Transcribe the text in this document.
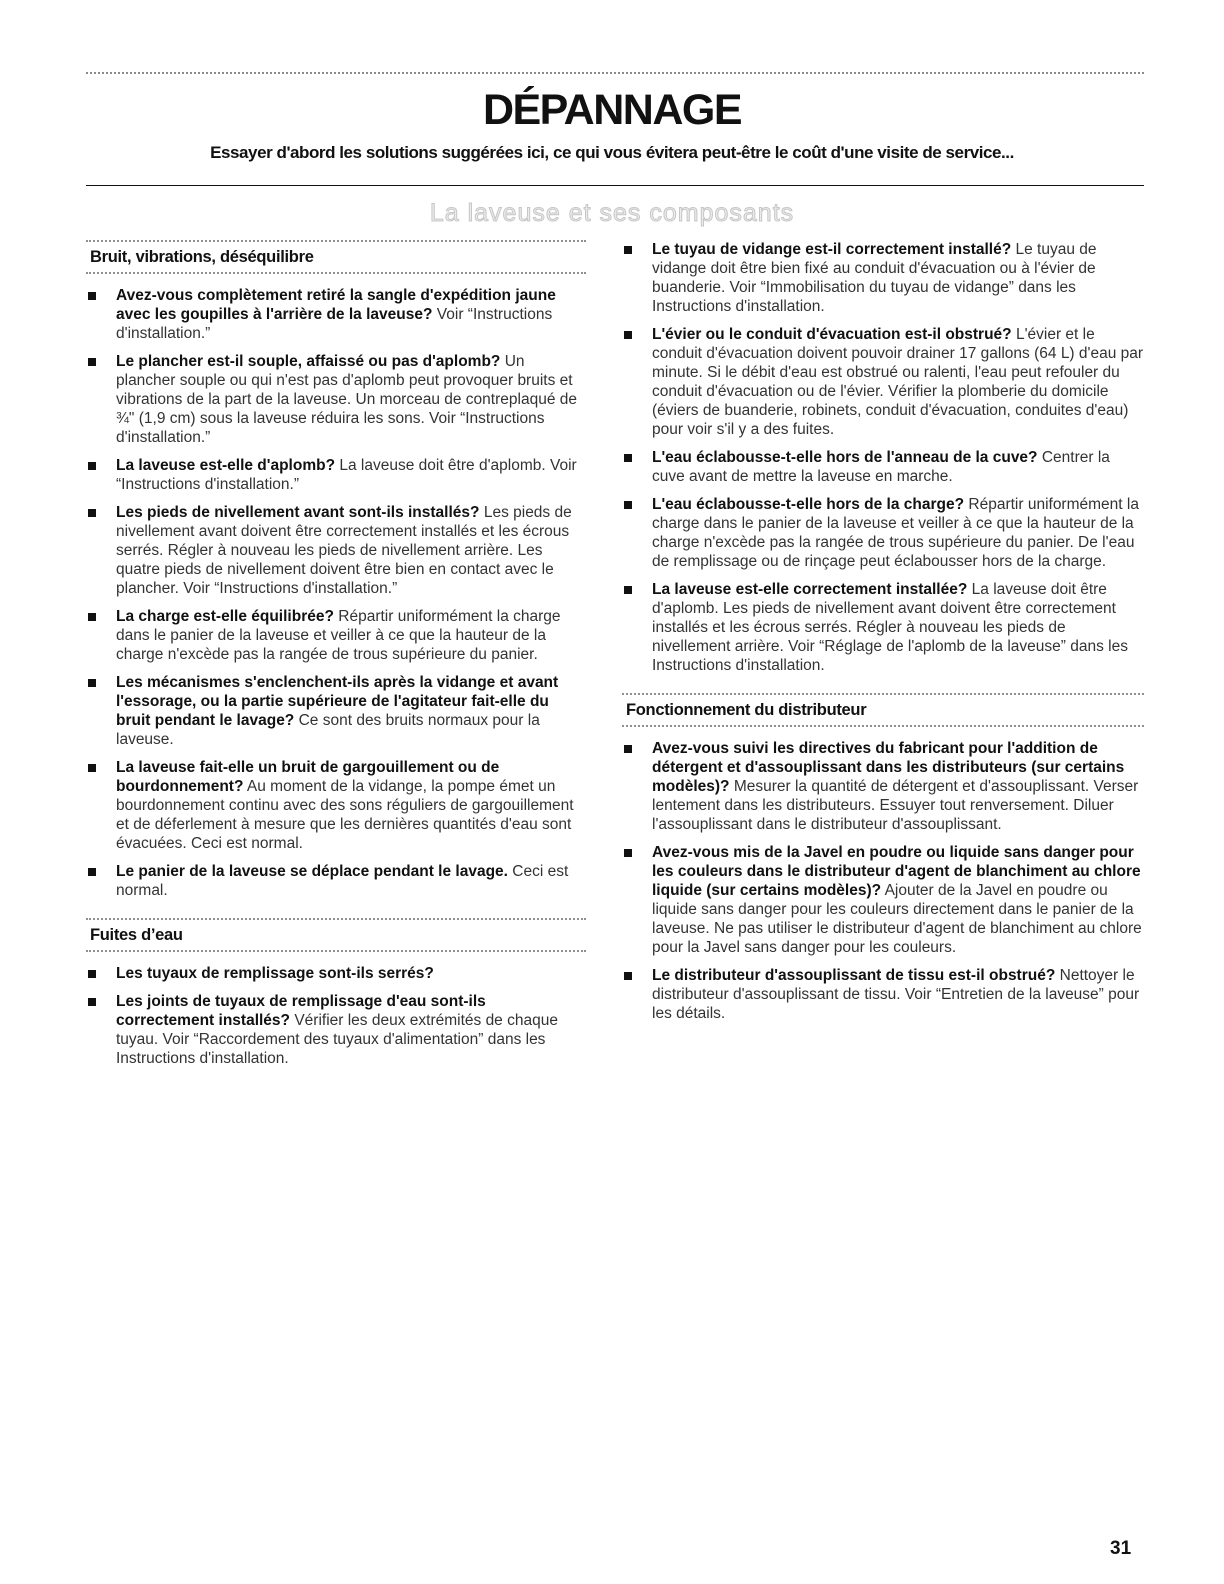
DÉPANNAGE
Essayer d'abord les solutions suggérées ici, ce qui vous évitera peut-être le coût d'une visite de service...
La laveuse et ses composants
Bruit, vibrations, déséquilibre
Avez-vous complètement retiré la sangle d'expédition jaune avec les goupilles à l'arrière de la laveuse? Voir “Instructions d'installation.”
Le plancher est-il souple, affaissé ou pas d'aplomb? Un plancher souple ou qui n'est pas d'aplomb peut provoquer bruits et vibrations de la part de la laveuse. Un morceau de contreplaqué de ¾" (1,9 cm) sous la laveuse réduira les sons. Voir “Instructions d'installation.”
La laveuse est-elle d'aplomb? La laveuse doit être d'aplomb. Voir “Instructions d'installation.”
Les pieds de nivellement avant sont-ils installés? Les pieds de nivellement avant doivent être correctement installés et les écrous serrés. Régler à nouveau les pieds de nivellement arrière. Les quatre pieds de nivellement doivent être bien en contact avec le plancher. Voir “Instructions d'installation.”
La charge est-elle équilibrée? Répartir uniformément la charge dans le panier de la laveuse et veiller à ce que la hauteur de la charge n'excède pas la rangée de trous supérieure du panier.
Les mécanismes s'enclenchent-ils après la vidange et avant l'essorage, ou la partie supérieure de l'agitateur fait-elle du bruit pendant le lavage? Ce sont des bruits normaux pour la laveuse.
La laveuse fait-elle un bruit de gargouillement ou de bourdonnement? Au moment de la vidange, la pompe émet un bourdonnement continu avec des sons réguliers de gargouillement et de déferlement à mesure que les dernières quantités d'eau sont évacuées. Ceci est normal.
Le panier de la laveuse se déplace pendant le lavage. Ceci est normal.
Fuites d’eau
Les tuyaux de remplissage sont-ils serrés?
Les joints de tuyaux de remplissage d'eau sont-ils correctement installés? Vérifier les deux extrémités de chaque tuyau. Voir “Raccordement des tuyaux d'alimentation” dans les Instructions d'installation.
Le tuyau de vidange est-il correctement installé? Le tuyau de vidange doit être bien fixé au conduit d'évacuation ou à l'évier de buanderie. Voir “Immobilisation du tuyau de vidange” dans les Instructions d'installation.
L'évier ou le conduit d'évacuation est-il obstrué? L'évier et le conduit d'évacuation doivent pouvoir drainer 17 gallons (64 L) d'eau par minute. Si le débit d'eau est obstrué ou ralenti, l'eau peut refouler du conduit d'évacuation ou de l'évier. Vérifier la plomberie du domicile (éviers de buanderie, robinets, conduit d'évacuation, conduites d'eau) pour voir s'il y a des fuites.
L'eau éclabousse-t-elle hors de l'anneau de la cuve? Centrer la cuve avant de mettre la laveuse en marche.
L'eau éclabousse-t-elle hors de la charge? Répartir uniformément la charge dans le panier de la laveuse et veiller à ce que la hauteur de la charge n'excède pas la rangée de trous supérieure du panier. De l'eau de remplissage ou de rinçage peut éclabousser hors de la charge.
La laveuse est-elle correctement installée? La laveuse doit être d'aplomb. Les pieds de nivellement avant doivent être correctement installés et les écrous serrés. Régler à nouveau les pieds de nivellement arrière. Voir “Réglage de l'aplomb de la laveuse” dans les Instructions d'installation.
Fonctionnement du distributeur
Avez-vous suivi les directives du fabricant pour l'addition de détergent et d'assouplissant dans les distributeurs (sur certains modèles)? Mesurer la quantité de détergent et d'assouplissant. Verser lentement dans les distributeurs. Essuyer tout renversement. Diluer l'assouplissant dans le distributeur d'assouplissant.
Avez-vous mis de la Javel en poudre ou liquide sans danger pour les couleurs dans le distributeur d'agent de blanchiment au chlore liquide (sur certains modèles)? Ajouter de la Javel en poudre ou liquide sans danger pour les couleurs directement dans le panier de la laveuse. Ne pas utiliser le distributeur d'agent de blanchiment au chlore pour la Javel sans danger pour les couleurs.
Le distributeur d'assouplissant de tissu est-il obstrué? Nettoyer le distributeur d'assouplissant de tissu. Voir “Entretien de la laveuse” pour les détails.
31
